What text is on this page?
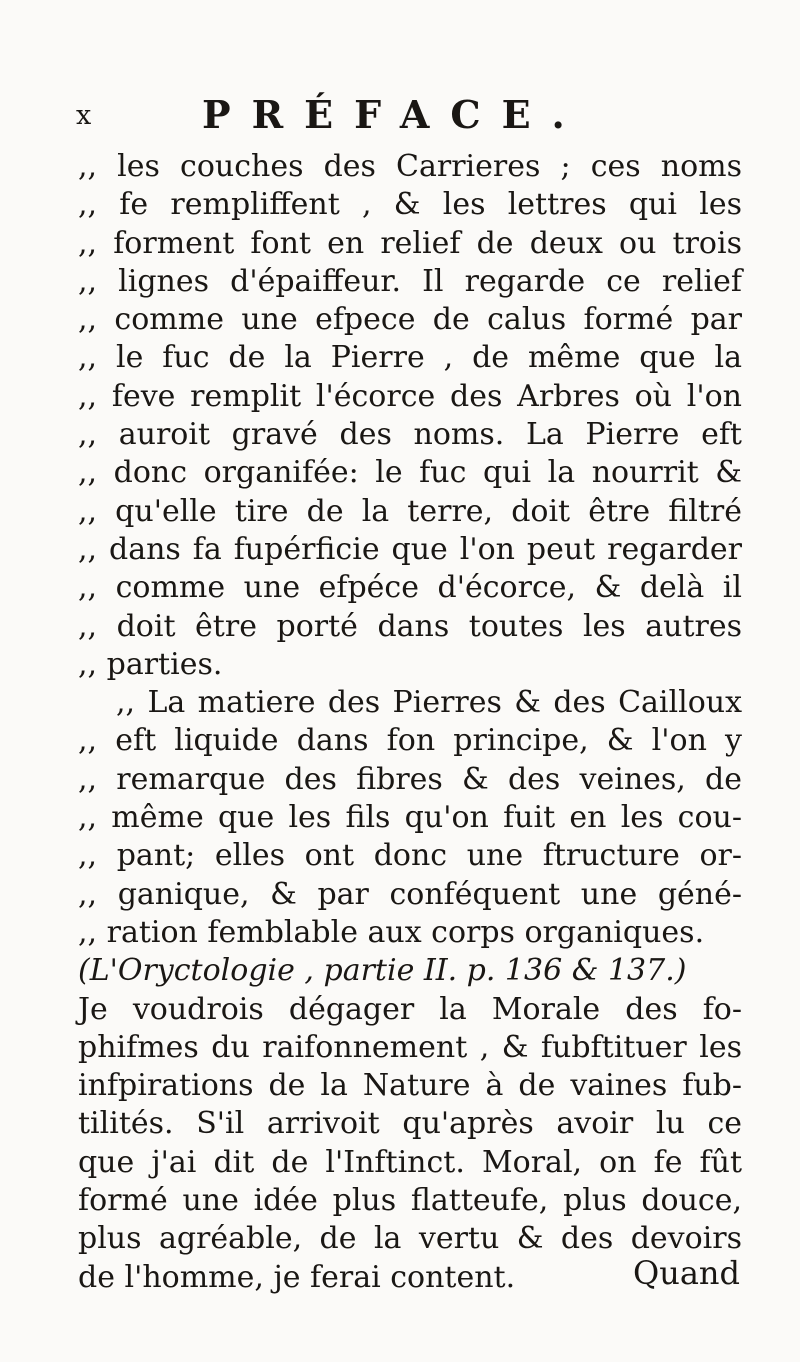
x	PRÉFACE.
,, les couches des Carrieres ; ces noms
,, fe rempliffent , & les lettres qui les
,, forment font en relief de deux ou trois
,, lignes d'épaiffeur. Il regarde ce relief
,, comme une efpece de calus formé par
,, le fuc de la Pierre , de même que la
,, feve remplit l'écorce des Arbres où l'on
,, auroit gravé des noms. La Pierre eft
,, donc organifée: le fuc qui la nourrit &
,, qu'elle tire de la terre, doit être filtré
,, dans fa fupérficie que l'on peut regarder
,, comme une efpéce d'écorce, & delà il
,, doit être porté dans toutes les autres
,, parties.
,, La matiere des Pierres & des Cailloux
,, eft liquide dans fon principe, & l'on y
,, remarque des fibres & des veines, de
,, même que les fils qu'on fuit en les cou-
,, pant; elles ont donc une ftructure or-
,, ganique, & par conféquent une géné-
,, ration femblable aux corps organiques.
(L'Oryctologie , partie II. p. 136 & 137.)
Je voudrois dégager la Morale des fo-
phifmes du raifonnement , & fubftituer les
infpirations de la Nature à de vaines fub-
tilités. S'il arrivoit qu'après avoir lu ce
que j'ai dit de l'Inftinct. Moral, on fe fût
formé une idée plus flatteufe, plus douce,
plus agréable, de la vertu & des devoirs
de l'homme, je ferai content.	Quand
